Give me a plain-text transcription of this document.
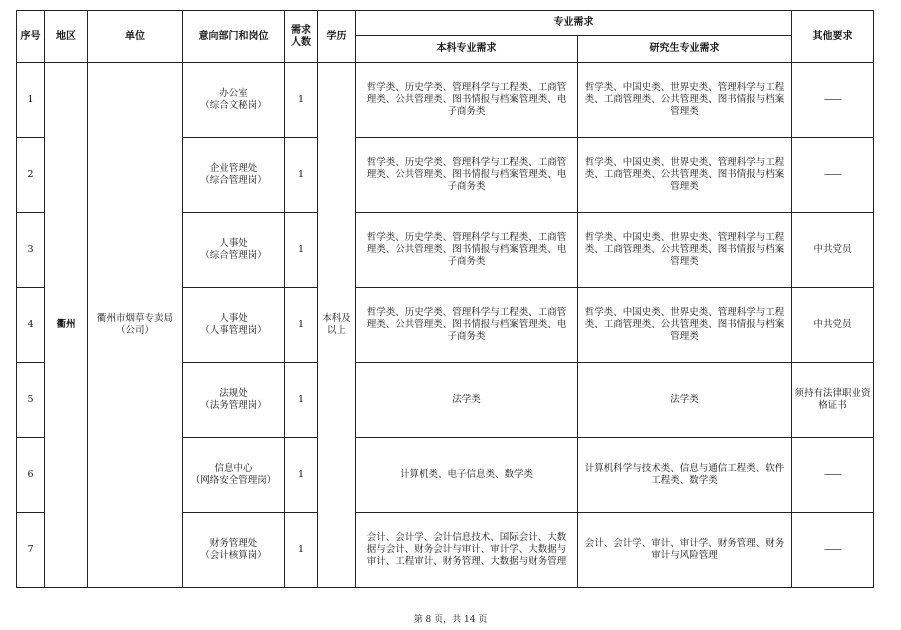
序号	地区	单位	意向部门和岗位	需求人数	学历	专业需求		其他要求
						本科专业需求	研究生专业需求	
1	衢州	衢州市烟草专卖局
（公司）	办公室
（综合文秘岗）	1	本科及以上	哲学类、历史学类、管理科学与工程类、工商管
理类、公共管理类、图书情报与档案管理类、电
子商务类	哲学类、中国史类、世界史类、管理科学与工程
类、工商管理类、公共管理类、图书情报与档案
管理类	——
2			企业管理处
（综合管理岗）	1		哲学类、历史学类、管理科学与工程类、工商管
理类、公共管理类、图书情报与档案管理类、电
子商务类	哲学类、中国史类、世界史类、管理科学与工程
类、工商管理类、公共管理类、图书情报与档案
管理类	——
3			人事处
（综合管理岗）	1		哲学类、历史学类、管理科学与工程类、工商管
理类、公共管理类、图书情报与档案管理类、电
子商务类	哲学类、中国史类、世界史类、管理科学与工程
类、工商管理类、公共管理类、图书情报与档案
管理类	中共党员
4			人事处
（人事管理岗）	1		哲学类、历史学类、管理科学与工程类、工商管
理类、公共管理类、图书情报与档案管理类、电
子商务类	哲学类、中国史类、世界史类、管理科学与工程
类、工商管理类、公共管理类、图书情报与档案
管理类	中共党员
5			法规处
（法务管理岗）	1		法学类	法学类	须持有法律职业资
格证书
6			信息中心
（网络安全管理岗）	1		计算机类、电子信息类、数学类	计算机科学与技术类、信息与通信工程类、软件
工程类、数学类	——
7			财务管理处
（会计核算岗）	1		会计、会计学、会计信息技术、国际会计、大数
据与会计、财务会计与审计、审计学、大数据与
审计、工程审计、财务管理、大数据与财务管理	会计、会计学、审计、审计学、财务管理、财务
审计与风险管理	——
第 8 页，共 14 页
